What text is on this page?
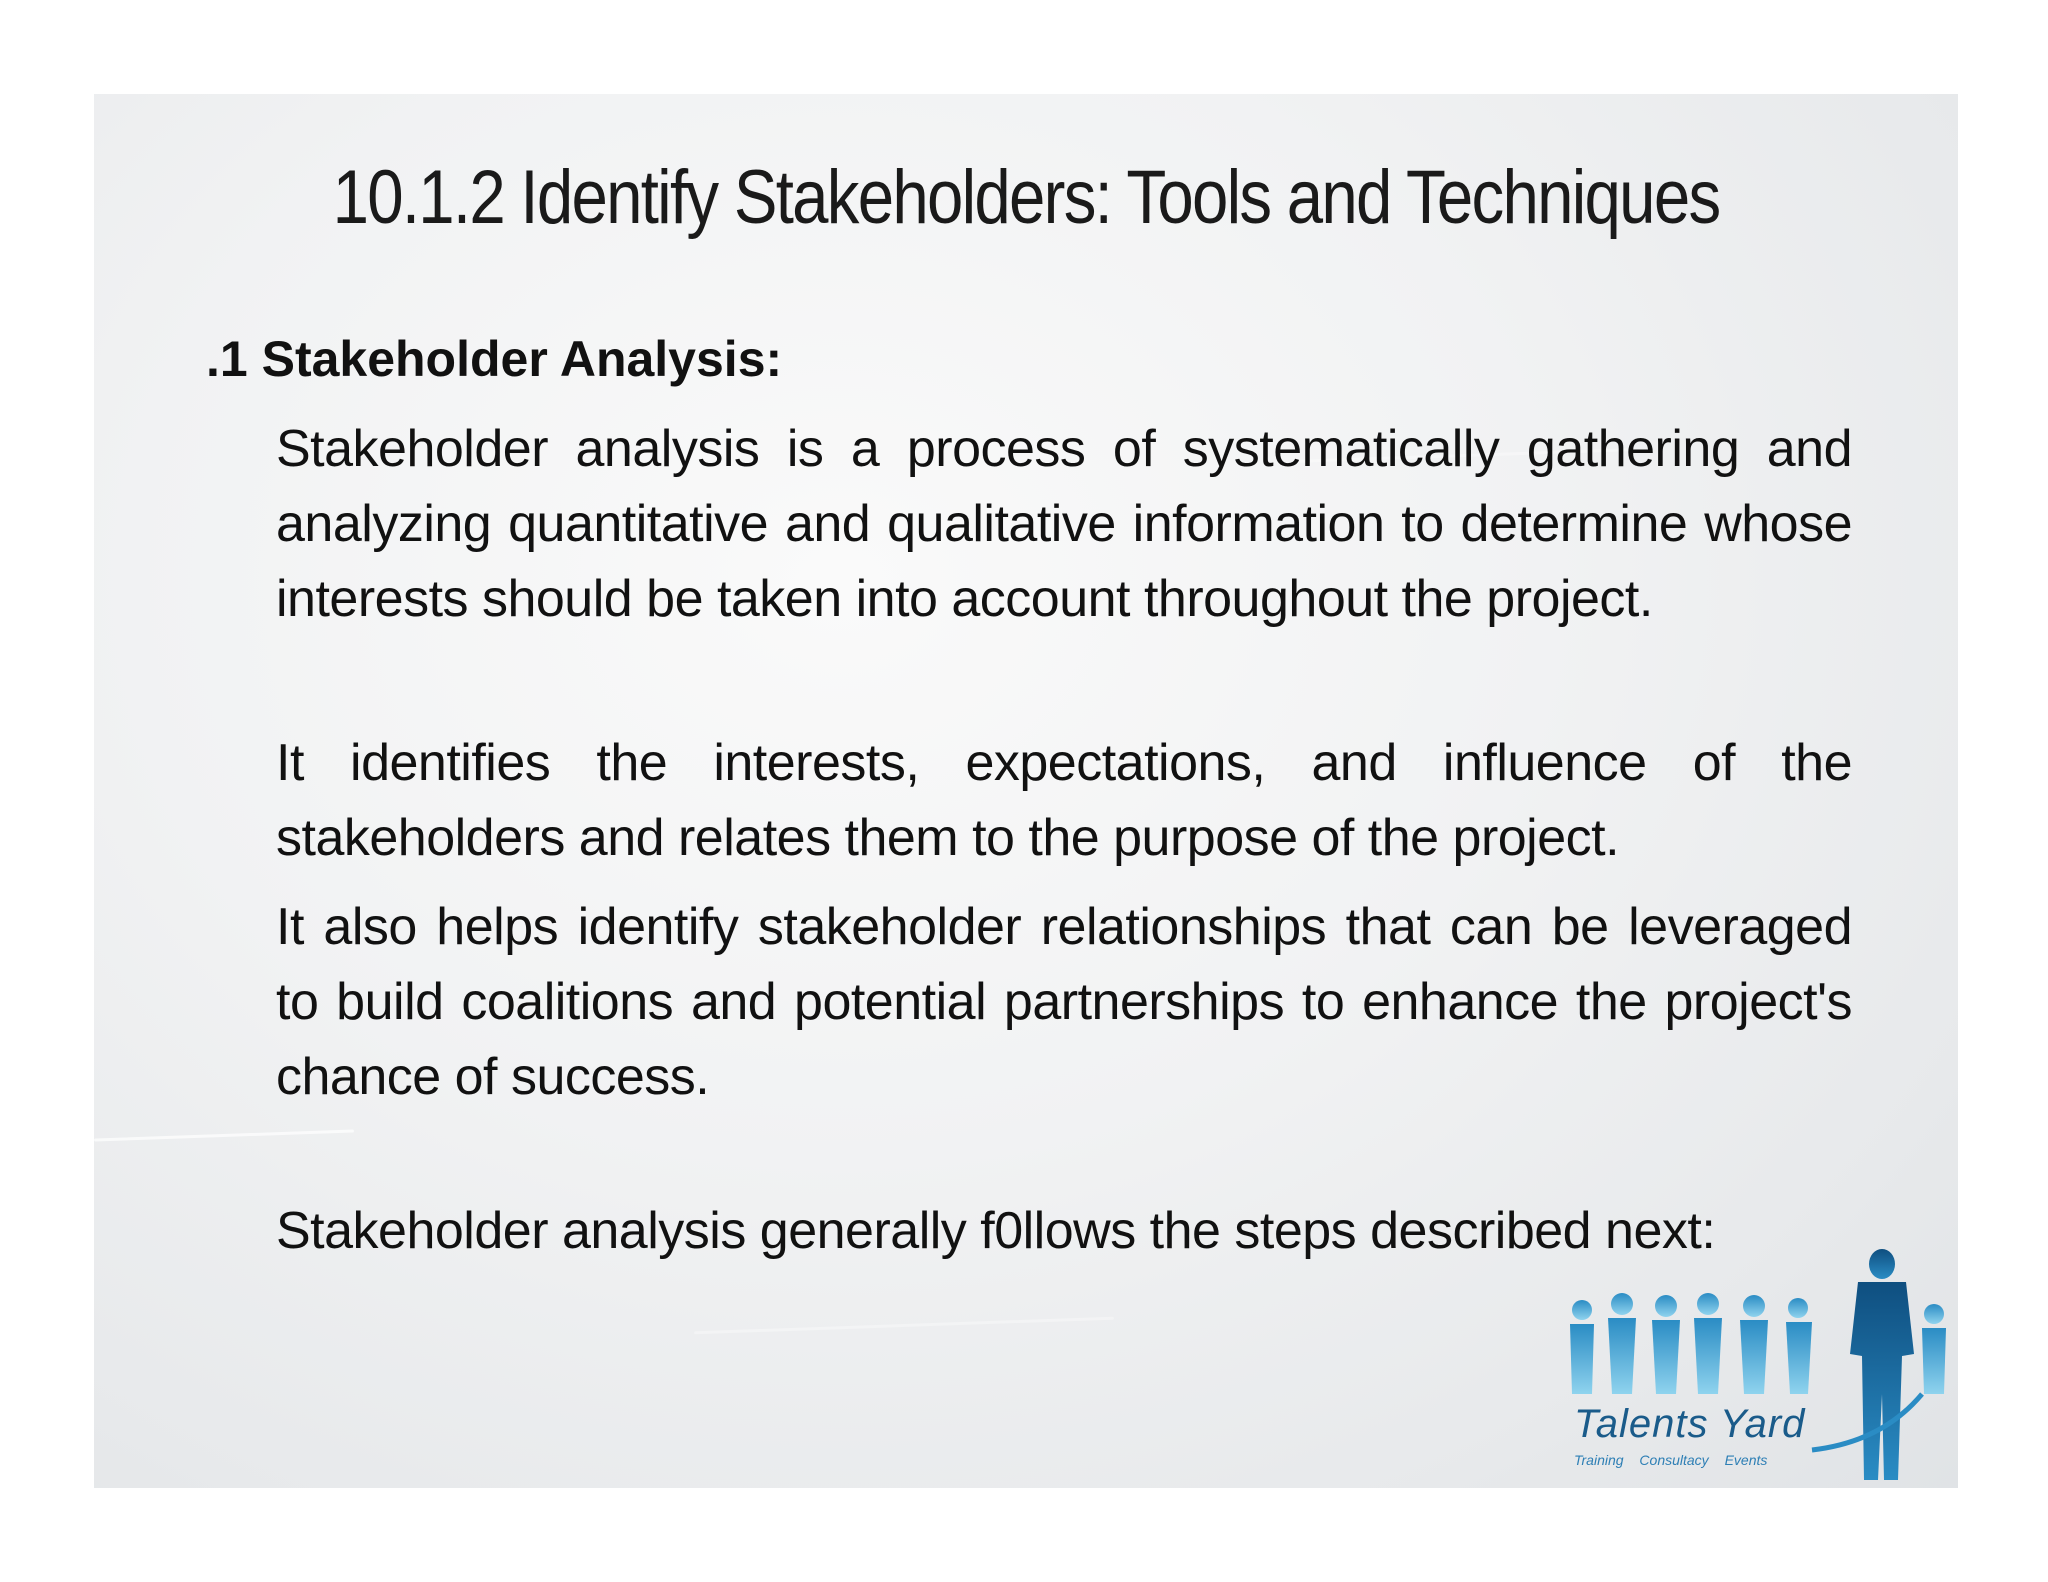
10.1.2 Identify Stakeholders: Tools and Techniques
.1 Stakeholder Analysis:

Stakeholder analysis is a process of systematically gathering and analyzing quantitative and qualitative information to determine whose interests should be taken into account throughout the project.

It identifies the interests, expectations, and influence of the stakeholders and relates them to the purpose of the project.

It also helps identify stakeholder relationships that can be leveraged to build coalitions and potential partnerships to enhance the project's chance of success.

Stakeholder analysis generally f0llows the steps described next:

Talents Yard
Training Consultacy Events
